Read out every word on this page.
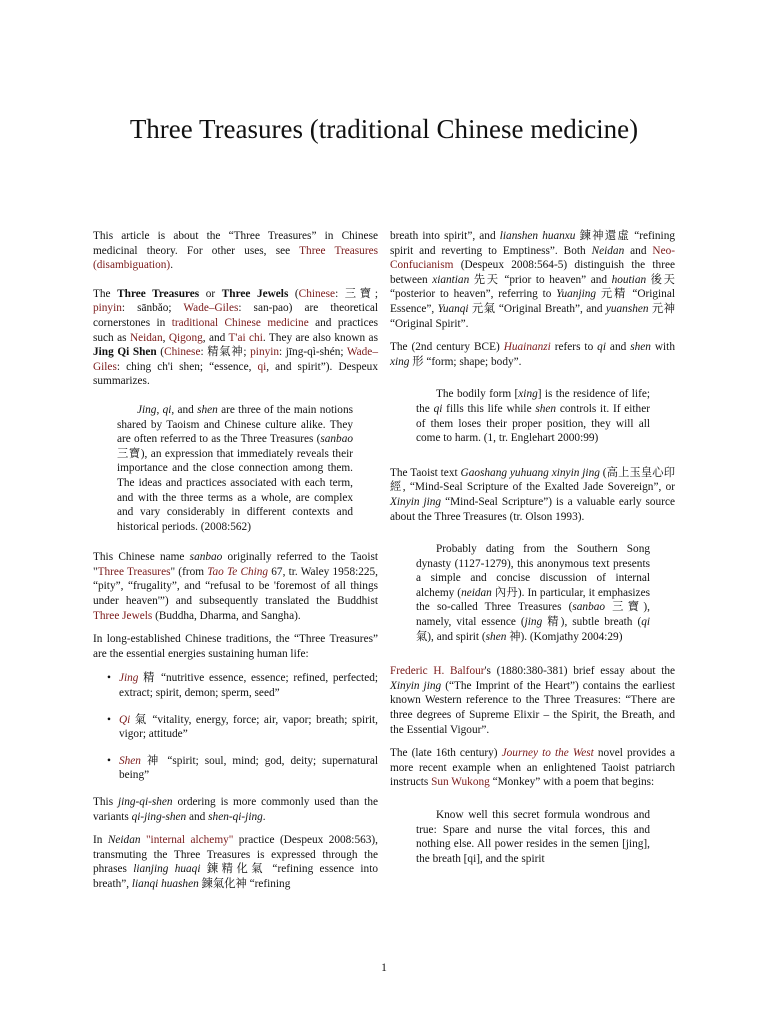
Three Treasures (traditional Chinese medicine)

This article is about the “Three Treasures” in Chinese medicinal theory. For other uses, see Three Treasures (disambiguation).

The Three Treasures or Three Jewels (Chinese: 三寶; pinyin: sānbǎo; Wade–Giles: san-pao) are theoretical cornerstones in traditional Chinese medicine and practices such as Neidan, Qigong, and T'ai chi. They are also known as Jing Qi Shen (Chinese: 精氣神; pinyin: jīng-qì-shén; Wade–Giles: ching ch'i shen; “essence, qi, and spirit”). Despeux summarizes.

Jing, qi, and shen are three of the main notions shared by Taoism and Chinese culture alike. They are often referred to as the Three Treasures (sanbao 三寶), an expression that immediately reveals their importance and the close connection among them. The ideas and practices associated with each term, and with the three terms as a whole, are complex and vary considerably in different contexts and historical periods. (2008:562)

This Chinese name sanbao originally referred to the Taoist "Three Treasures" (from Tao Te Ching 67, tr. Waley 1958:225, “pity”, “frugality”, and “refusal to be 'foremost of all things under heaven'”) and subsequently translated the Buddhist Three Jewels (Buddha, Dharma, and Sangha).

In long-established Chinese traditions, the “Three Treasures” are the essential energies sustaining human life:

• Jing 精 “nutritive essence, essence; refined, perfected; extract; spirit, demon; sperm, seed”
• Qi 氣 “vitality, energy, force; air, vapor; breath; spirit, vigor; attitude”
• Shen 神 “spirit; soul, mind; god, deity; supernatural being”

This jing-qi-shen ordering is more commonly used than the variants qi-jing-shen and shen-qi-jing.

In Neidan "internal alchemy" practice (Despeux 2008:563), transmuting the Three Treasures is expressed through the phrases lianjing huaqi 鍊精化氣 “refining essence into breath”, lianqi huashen 鍊氣化神 “refining

breath into spirit”, and lianshen huanxu 鍊神還虛 “refining spirit and reverting to Emptiness”. Both Neidan and Neo-Confucianism (Despeux 2008:564-5) distinguish the three between xiantian 先天 “prior to heaven” and houtian 後天 “posterior to heaven”, referring to Yuanjing 元精 “Original Essence”, Yuanqi 元氣 “Original Breath”, and yuanshen 元神 “Original Spirit”.

The (2nd century BCE) Huainanzi refers to qi and shen with xing 形 “form; shape; body”.

The bodily form [xing] is the residence of life; the qi fills this life while shen controls it. If either of them loses their proper position, they will all come to harm. (1, tr. Englehart 2000:99)

The Taoist text Gaoshang yuhuang xinyin jing (高上玉皇心印經, “Mind-Seal Scripture of the Exalted Jade Sovereign”, or Xinyin jing “Mind-Seal Scripture”) is a valuable early source about the Three Treasures (tr. Olson 1993).

Probably dating from the Southern Song dynasty (1127-1279), this anonymous text presents a simple and concise discussion of internal alchemy (neidan 內丹). In particular, it emphasizes the so-called Three Treasures (sanbao 三寶), namely, vital essence (jing 精), subtle breath (qi 氣), and spirit (shen 神). (Komjathy 2004:29)

Frederic H. Balfour's (1880:380-381) brief essay about the Xinyin jing (“The Imprint of the Heart”) contains the earliest known Western reference to the Three Treasures: “There are three degrees of Supreme Elixir – the Spirit, the Breath, and the Essential Vigour”.

The (late 16th century) Journey to the West novel provides a more recent example when an enlightened Taoist patriarch instructs Sun Wukong “Monkey” with a poem that begins:

Know well this secret formula wondrous and true: Spare and nurse the vital forces, this and nothing else. All power resides in the semen [jing], the breath [qi], and the spirit

1
